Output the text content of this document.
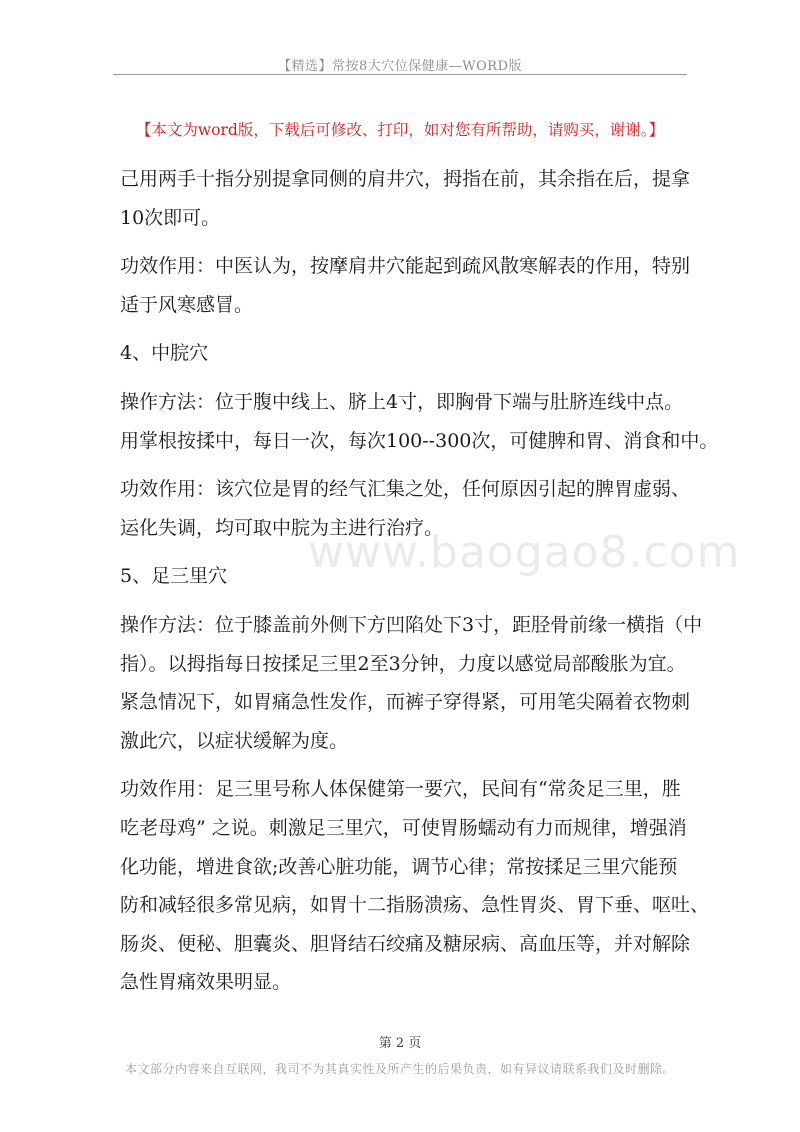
【精选】常按8大穴位保健康—WORD版
【本文为word版，下载后可修改、打印，如对您有所帮助，请购买，谢谢。】
www.baogao8.com
己用两手十指分别提拿同侧的肩井穴，拇指在前，其余指在后，提拿
10次即可。
功效作用：中医认为，按摩肩井穴能起到疏风散寒解表的作用，特别
适于风寒感冒。
4、中脘穴
操作方法：位于腹中线上、脐上4寸，即胸骨下端与肚脐连线中点。
用掌根按揉中，每日一次，每次100--300次，可健脾和胃、消食和中。
功效作用：该穴位是胃的经气汇集之处，任何原因引起的脾胃虚弱、
运化失调，均可取中脘为主进行治疗。
5、足三里穴
操作方法：位于膝盖前外侧下方凹陷处下3寸，距胫骨前缘一横指（中
指）。以拇指每日按揉足三里2至3分钟，力度以感觉局部酸胀为宜。
紧急情况下，如胃痛急性发作，而裤子穿得紧，可用笔尖隔着衣物刺
激此穴，以症状缓解为度。
功效作用：足三里号称人体保健第一要穴，民间有“常灸足三里，胜
吃老母鸡” 之说。刺激足三里穴，可使胃肠蠕动有力而规律，增强消
化功能，增进食欲;改善心脏功能，调节心律；常按揉足三里穴能预
防和减轻很多常见病，如胃十二指肠溃疡、急性胃炎、胃下垂、呕吐、
肠炎、便秘、胆囊炎、胆肾结石绞痛及糖尿病、高血压等，并对解除
急性胃痛效果明显。
第 2 页
本文部分内容来自互联网，我司不为其真实性及所产生的后果负责，如有异议请联系我们及时删除。
